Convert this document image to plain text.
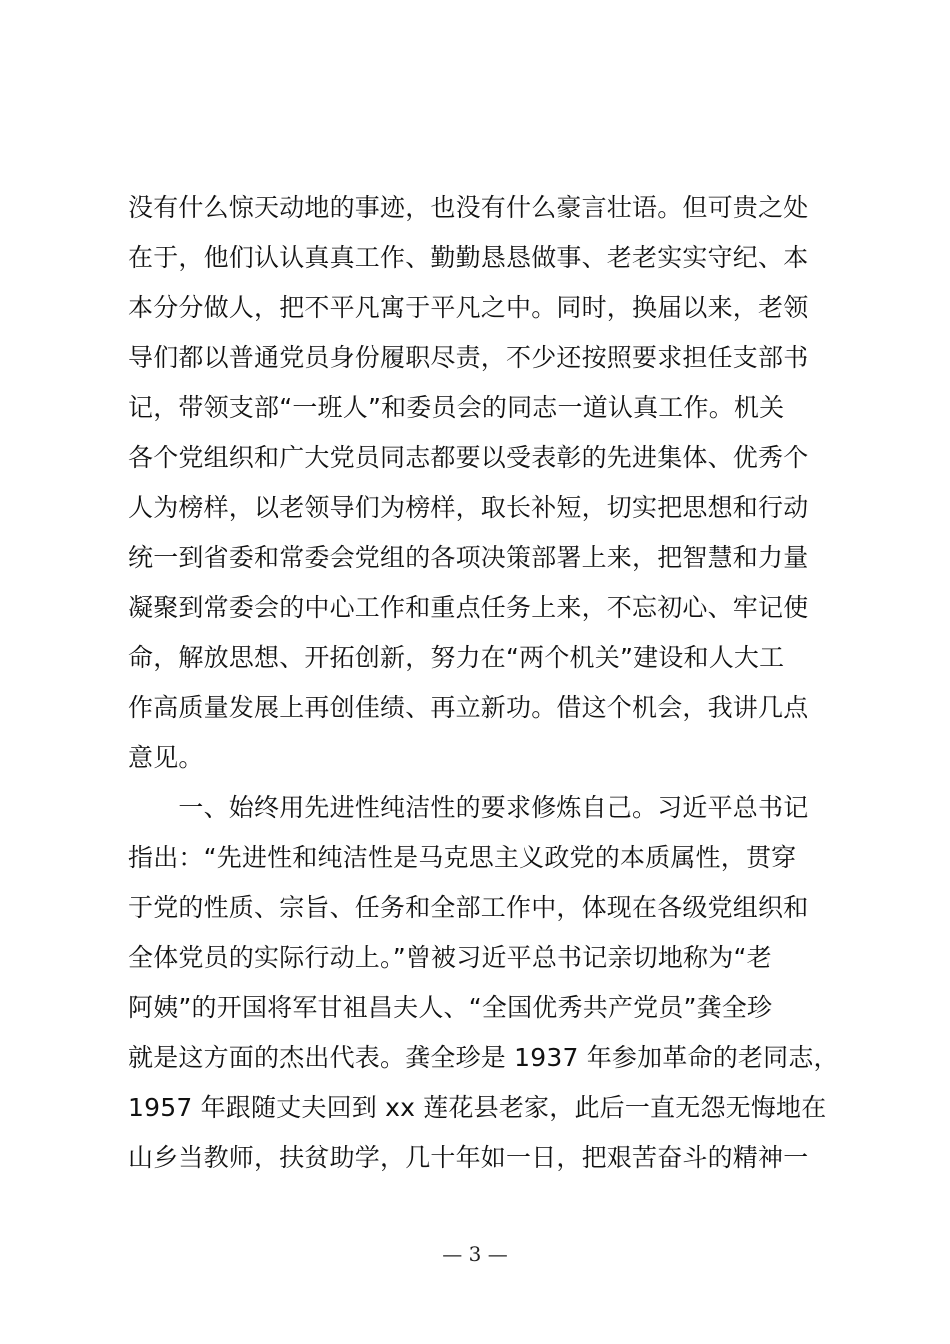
没有什么惊天动地的事迹，也没有什么豪言壮语。但可贵之处
在于，他们认认真真工作、勤勤恳恳做事、老老实实守纪、本
本分分做人，把不平凡寓于平凡之中。同时，换届以来，老领
导们都以普通党员身份履职尽责，不少还按照要求担任支部书
记，带领支部“一班人”和委员会的同志一道认真工作。机关
各个党组织和广大党员同志都要以受表彰的先进集体、优秀个
人为榜样，以老领导们为榜样，取长补短，切实把思想和行动
统一到省委和常委会党组的各项决策部署上来，把智慧和力量
凝聚到常委会的中心工作和重点任务上来，不忘初心、牢记使
命，解放思想、开拓创新，努力在“两个机关”建设和人大工
作高质量发展上再创佳绩、再立新功。借这个机会，我讲几点
意见。
　　一、始终用先进性纯洁性的要求修炼自己。习近平总书记
指出：“先进性和纯洁性是马克思主义政党的本质属性，贯穿
于党的性质、宗旨、任务和全部工作中，体现在各级党组织和
全体党员的实际行动上。”曾被习近平总书记亲切地称为“老
阿姨”的开国将军甘祖昌夫人、“全国优秀共产党员”龚全珍
就是这方面的杰出代表。龚全珍是 1937 年参加革命的老同志，
1957 年跟随丈夫回到 xx 莲花县老家，此后一直无怨无悔地在
山乡当教师，扶贫助学，几十年如一日，把艰苦奋斗的精神一
— 3 —
